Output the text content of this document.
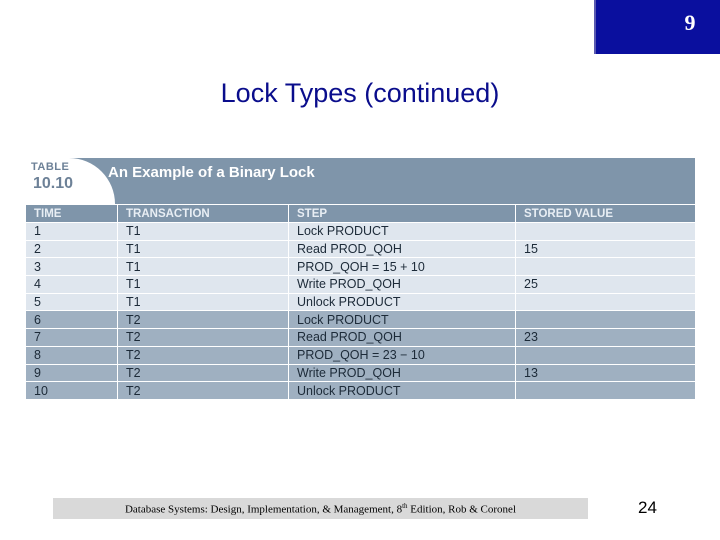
9
Lock Types (continued)
TABLE
10.10
An Example of a Binary Lock
TIME	TRANSACTION	STEP	STORED VALUE
1	T1	Lock PRODUCT	
2	T1	Read PROD_QOH	15
3	T1	PROD_QOH = 15 + 10	
4	T1	Write PROD_QOH	25
5	T1	Unlock PRODUCT	
6	T2	Lock PRODUCT	
7	T2	Read PROD_QOH	23
8	T2	PROD_QOH = 23 − 10	
9	T2	Write PROD_QOH	13
10	T2	Unlock PRODUCT	
Database Systems: Design, Implementation, & Management, 8th Edition, Rob & Coronel	24
